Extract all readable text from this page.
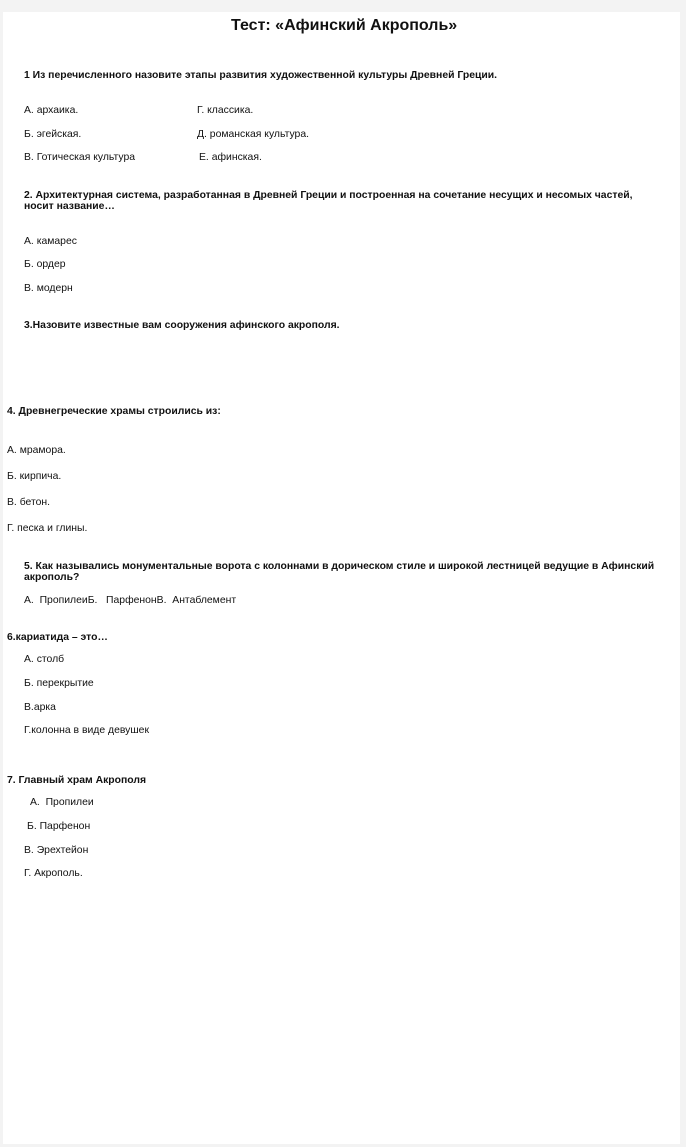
Тест: «Афинский Акрополь»
1 Из перечисленного назовите этапы развития художественной культуры Древней Греции.
А. архаика.
Б. эгейская.
В. Готическая культура
Г. классика.
Д. романская культура.
Е. афинская.
2. Архитектурная система, разработанная в Древней Греции и построенная на сочетание несущих и несомых частей, носит название…
А. камарес
Б. ордер
В. модерн
3.Назовите известные вам сооружения афинского акрополя.
4. Древнегреческие храмы строились из:
А. мрамора.
Б. кирпича.
В. бетон.
Г. песка и глины.
5. Как назывались монументальные ворота с колоннами в дорическом стиле и широкой лестницей ведущие в Афинский акрополь?
А.  ПропилеиБ.   ПарфенонВ.  Антаблемент
6.кариатида – это…
А. столб
Б. перекрытие
В.арка
Г.колонна в виде девушек
7. Главный храм Акрополя
А.  Пропилеи
Б. Парфенон
В. Эрехтейон
Г. Акрополь.
